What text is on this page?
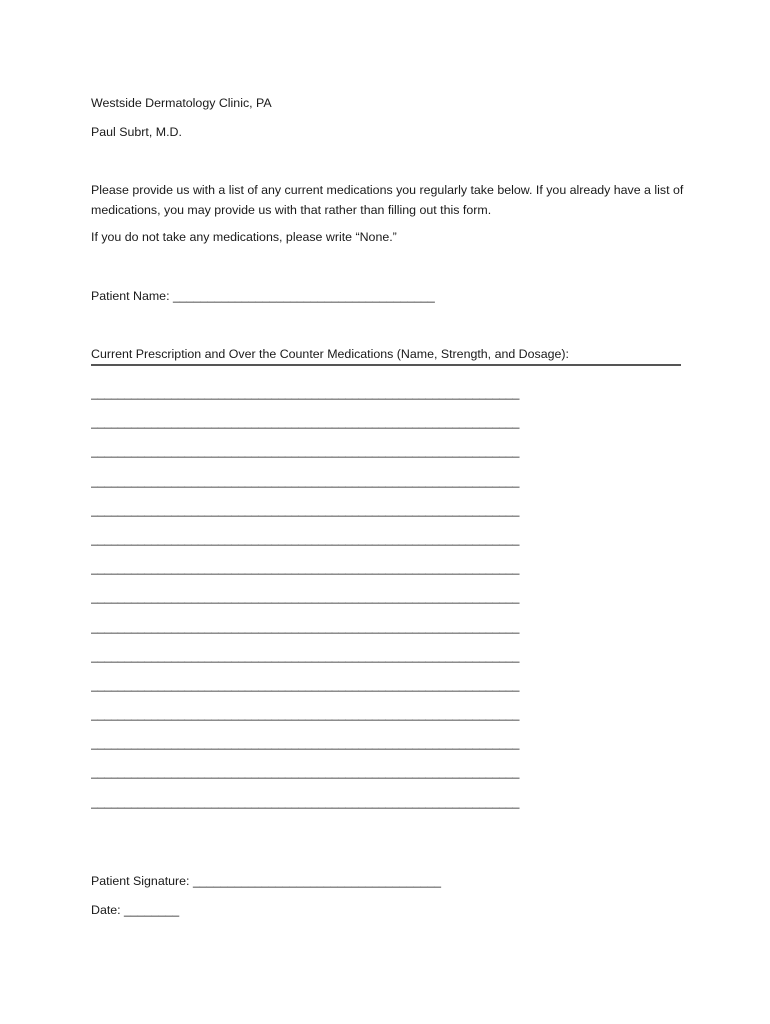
Westside Dermatology Clinic, PA
Paul Subrt, M.D.
Please provide us with a list of any current medications you regularly take below. If you already have a list of medications, you may provide us with that rather than filling out this form.
If you do not take any medications, please write “None.”
Patient Name: ______________________________________
Current Prescription and Over the Counter Medications (Name, Strength, and Dosage):
________________________________________________________________
________________________________________________________________
________________________________________________________________
________________________________________________________________
________________________________________________________________
________________________________________________________________
________________________________________________________________
________________________________________________________________
________________________________________________________________
________________________________________________________________
________________________________________________________________
________________________________________________________________
________________________________________________________________
________________________________________________________________
________________________________________________________________
Patient Signature: ____________________________________
Date: ________
